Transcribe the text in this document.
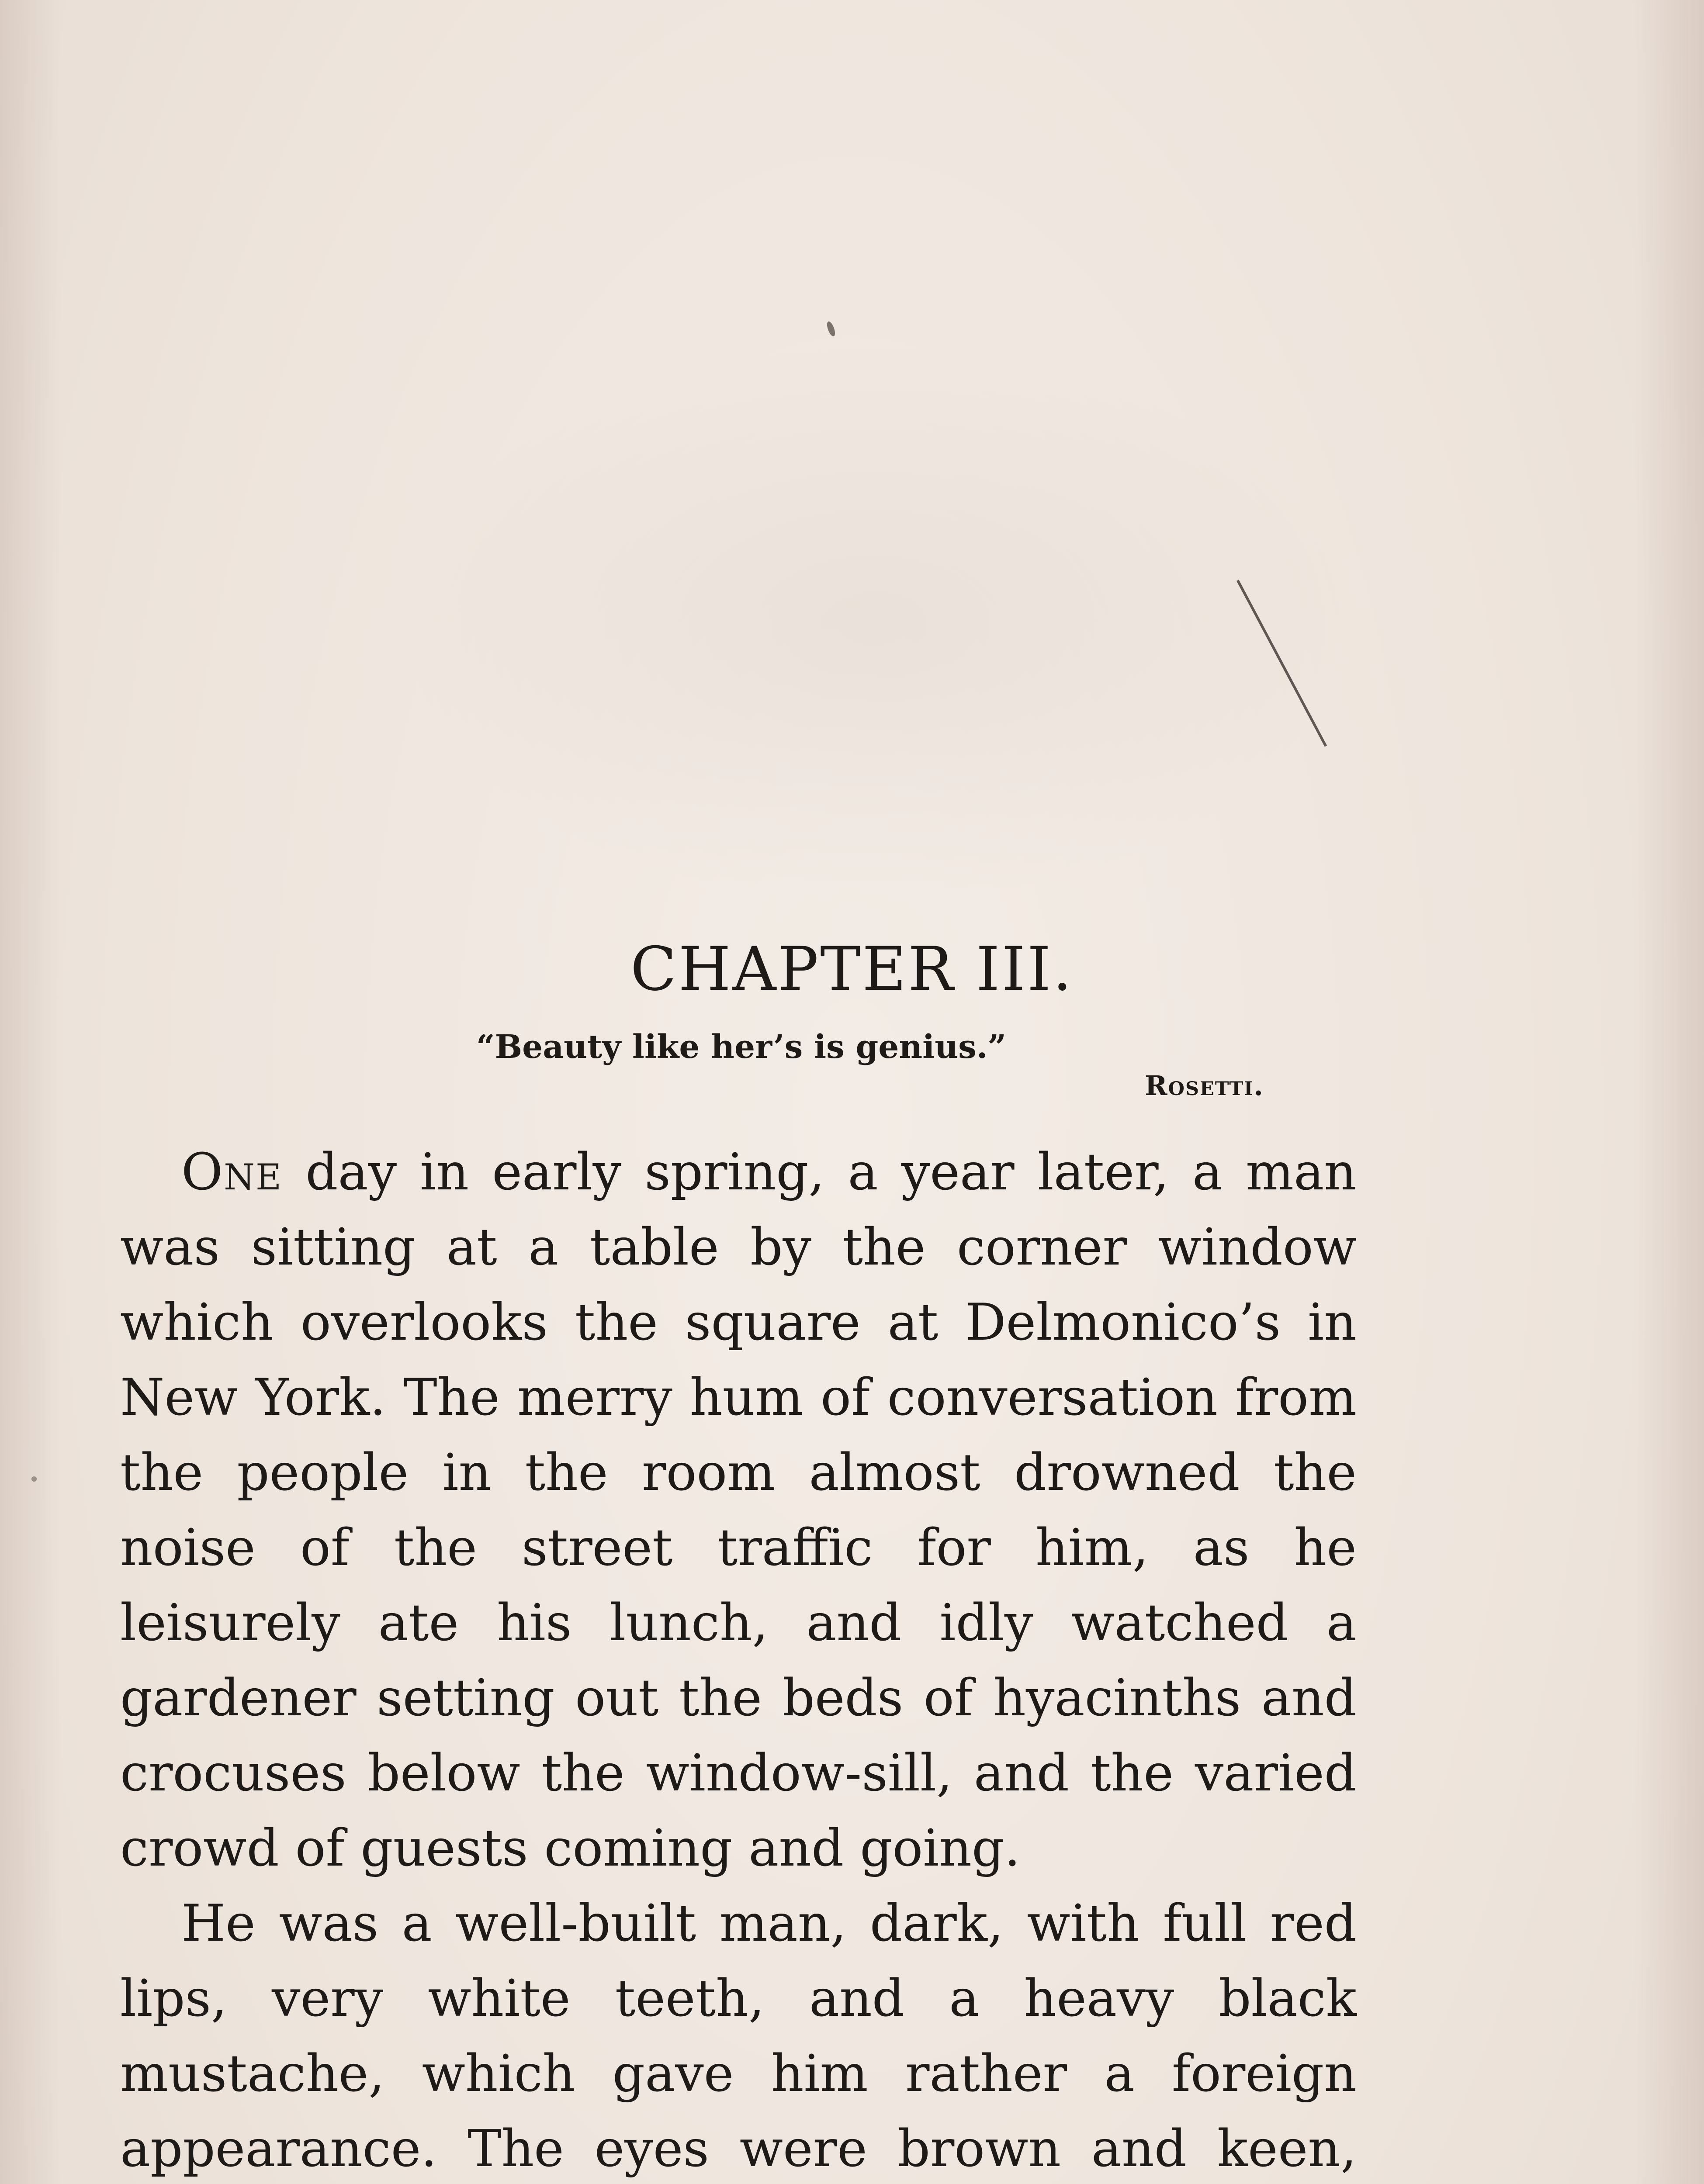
CHAPTER III.
“Beauty like her’s is genius.”
Rosetti.

One day in early spring, a year later, a man was sitting at a table by the corner window which overlooks the square at Delmonico’s in New York. The merry hum of conversation from the people in the room almost drowned the noise of the street traffic for him, as he leisurely ate his lunch, and idly watched a gardener setting out the beds of hyacinths and crocuses below the window-sill, and the varied crowd of guests coming and going.

He was a well-built man, dark, with full red lips, very white teeth, and a heavy black mustache, which gave him rather a foreign appearance. The eyes were brown and keen,
